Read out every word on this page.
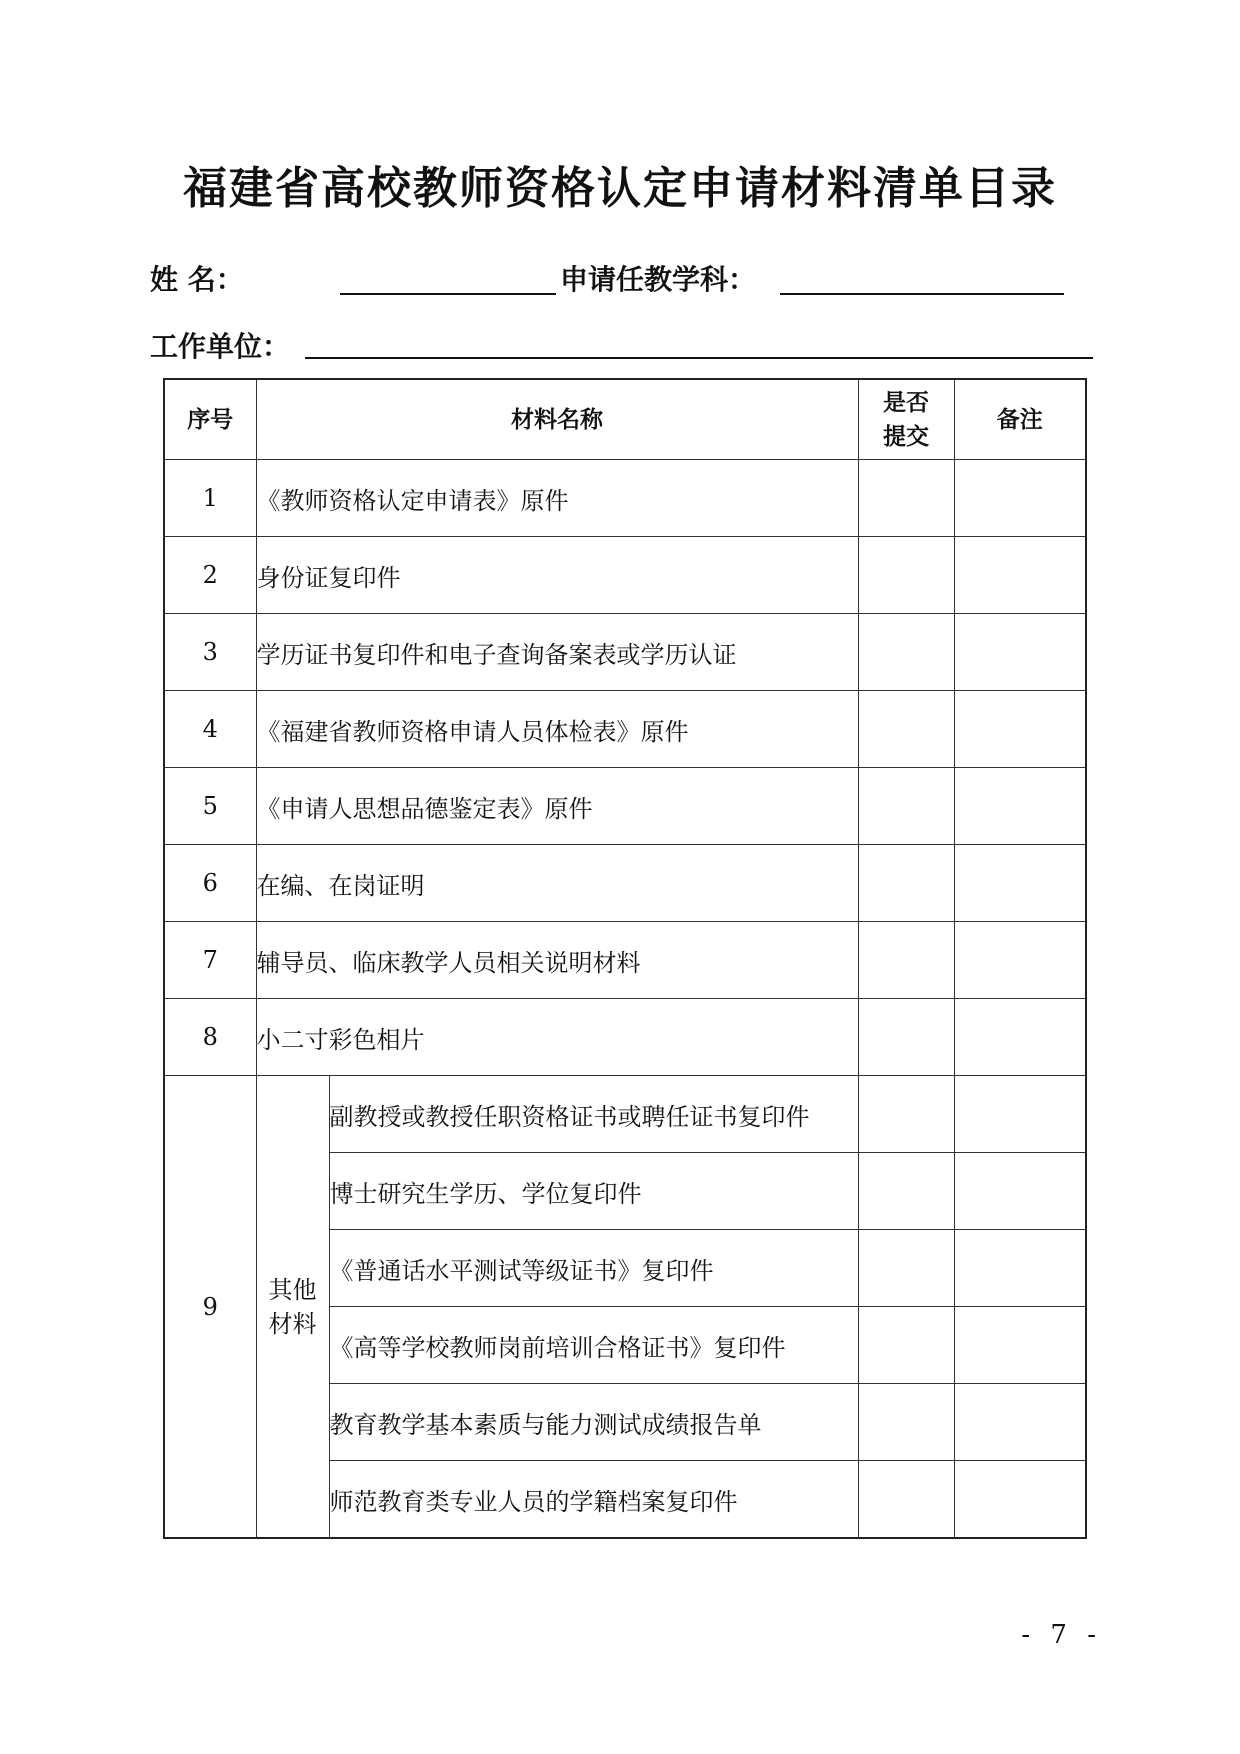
福建省高校教师资格认定申请材料清单目录
姓 名：	申请任教学科：
工作单位：
序号	材料名称		是否提交	备注
1	《教师资格认定申请表》原件			
2	身份证复印件			
3	学历证书复印件和电子查询备案表或学历认证			
4	《福建省教师资格申请人员体检表》原件			
5	《申请人思想品德鉴定表》原件			
6	在编、在岗证明			
7	辅导员、临床教学人员相关说明材料			
8	小二寸彩色相片			
9	其他材料	副教授或教授任职资格证书或聘任证书复印件		
		博士研究生学历、学位复印件		
		《普通话水平测试等级证书》复印件		
		《高等学校教师岗前培训合格证书》复印件		
		教育教学基本素质与能力测试成绩报告单		
		师范教育类专业人员的学籍档案复印件		
- 7 -
